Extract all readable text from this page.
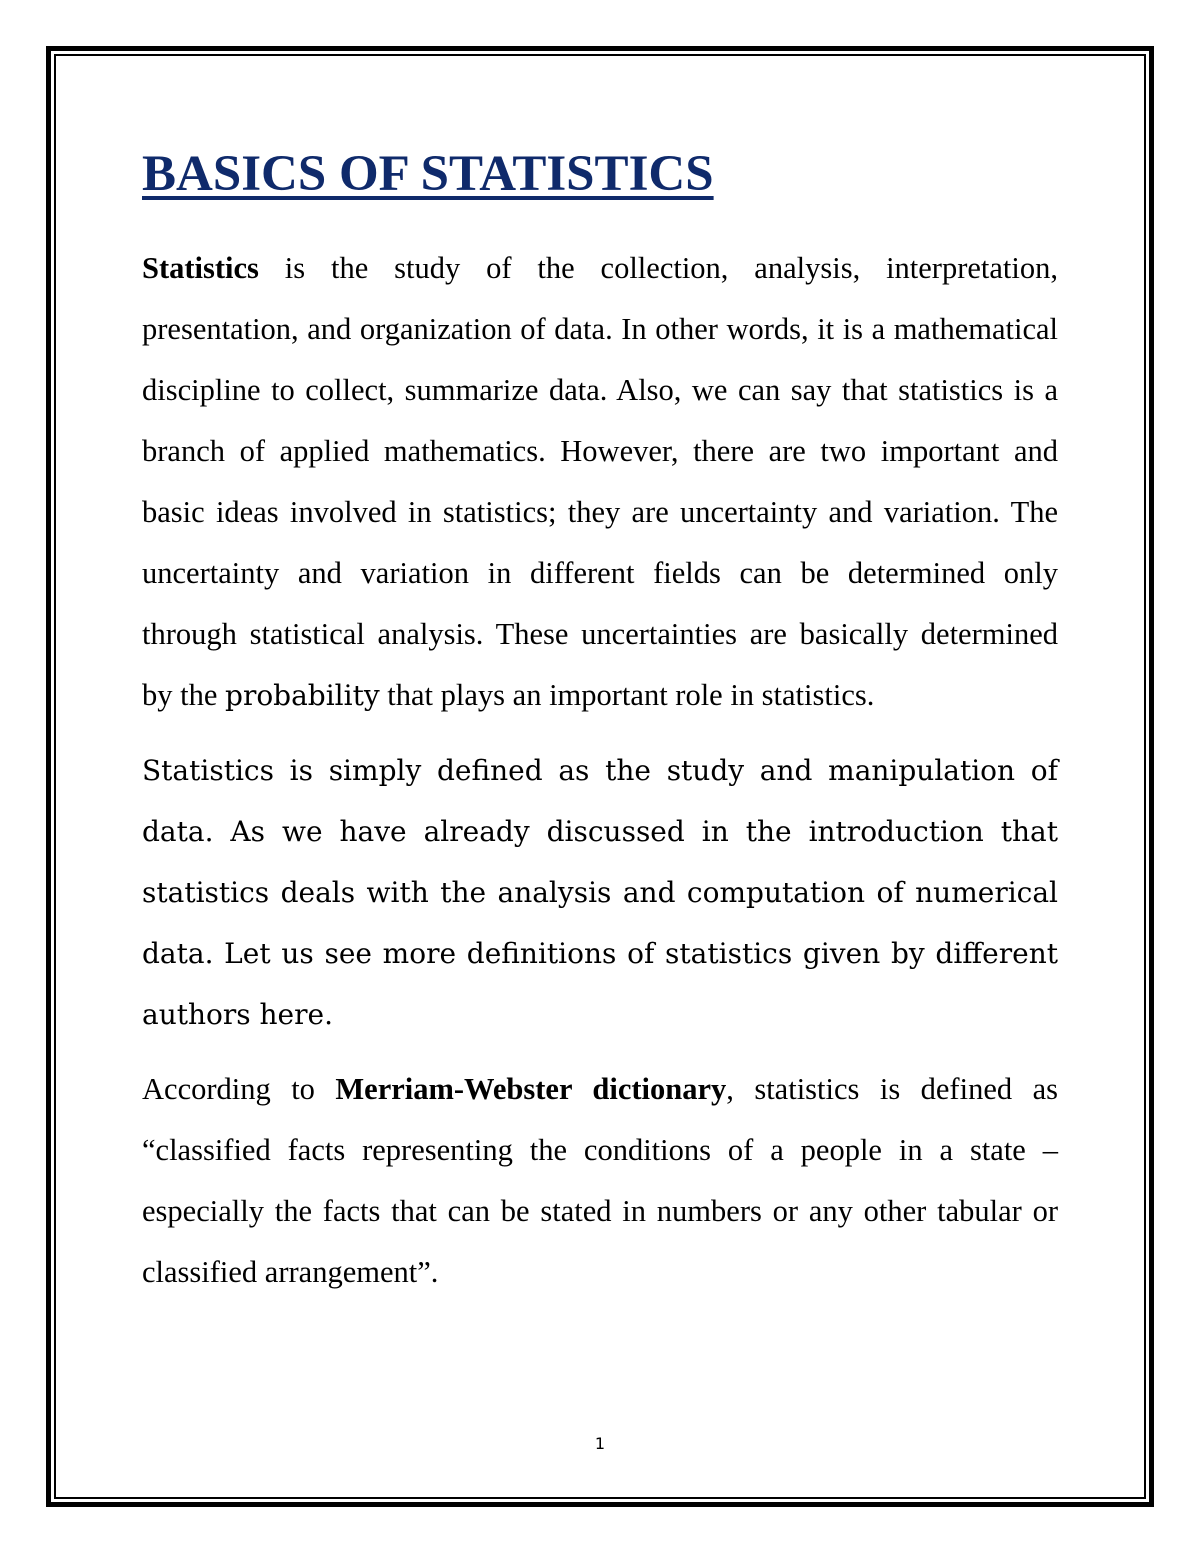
BASICS OF STATISTICS

Statistics is the study of the collection, analysis, interpretation, presentation, and organization of data. In other words, it is a mathematical discipline to collect, summarize data. Also, we can say that statistics is a branch of applied mathematics. However, there are two important and basic ideas involved in statistics; they are uncertainty and variation. The uncertainty and variation in different fields can be determined only through statistical analysis. These uncertainties are basically determined by the probability that plays an important role in statistics.

Statistics is simply defined as the study and manipulation of data. As we have already discussed in the introduction that statistics deals with the analysis and computation of numerical data. Let us see more definitions of statistics given by different authors here.

According to Merriam-Webster dictionary, statistics is defined as “classified facts representing the conditions of a people in a state – especially the facts that can be stated in numbers or any other tabular or classified arrangement”.

1
